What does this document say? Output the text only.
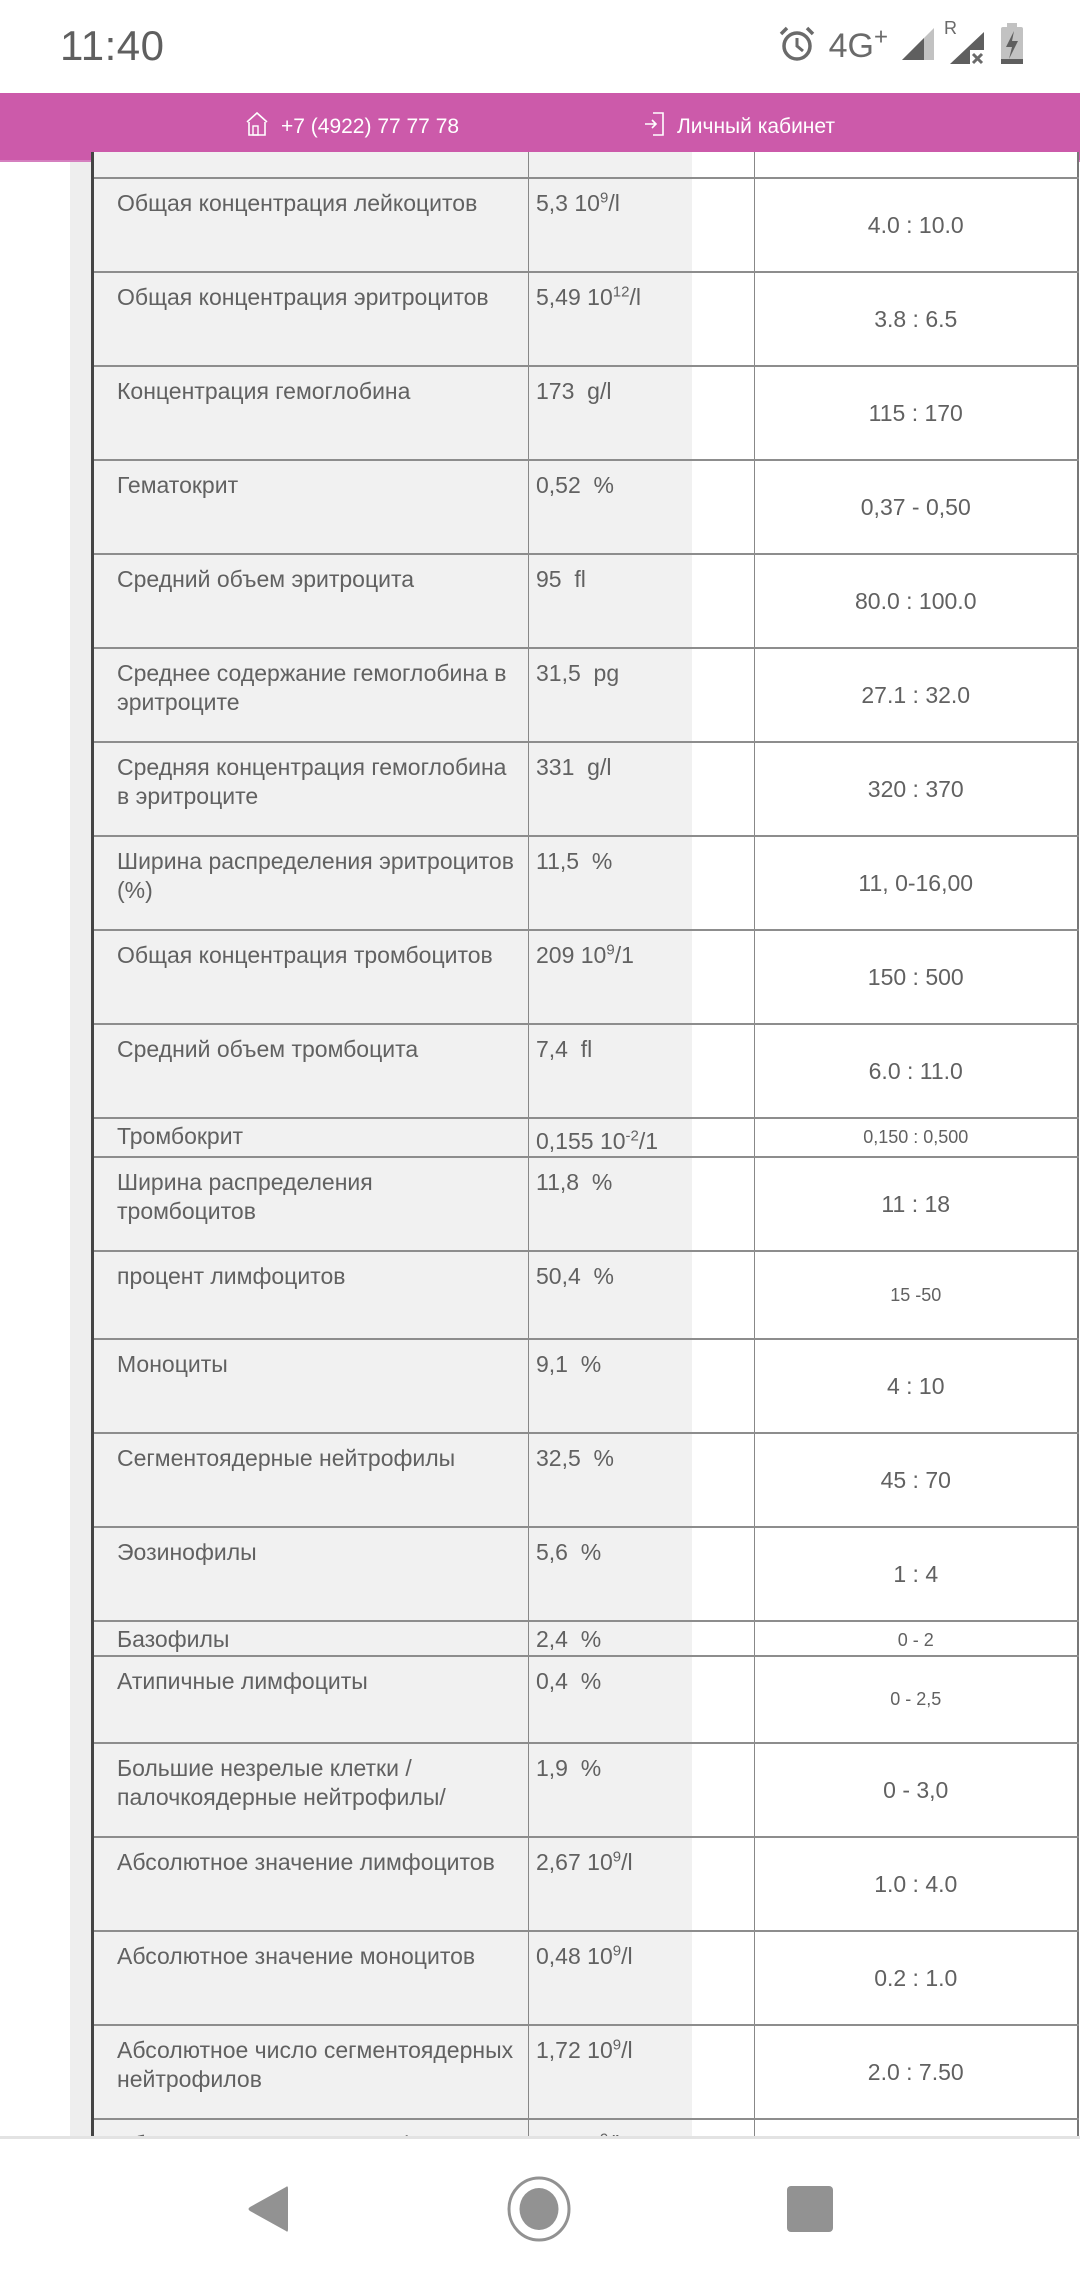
11:40	4G+	R
+7 (4922) 77 77 78	Личный кабинет

Общая концентрация лейкоцитов	5,3 $10^9/l$		4.0 : 10.0
Общая концентрация эритроцитов	5,49 $10^{12}/l$		3.8 : 6.5
Концентрация гемоглобина	173 g/l		115 : 170
Гематокрит	0,52 %		0,37 - 0,50
Средний объем эритроцита	95 fl		80.0 : 100.0
Среднее содержание гемоглобина в эритроците	31,5 pg		27.1 : 32.0
Средняя концентрация гемоглобина в эритроците	331 g/l		320 : 370
Ширина распределения эритроцитов (%)	11,5 %		11, 0-16,00
Общая концентрация тромбоцитов	209 $10^9/1$		150 : 500
Средний объем тромбоцита	7,4 fl		6.0 : 11.0
Тромбокрит	0,155 $10^{-2}/1$		0,150 : 0,500
Ширина распределения тромбоцитов	11,8 %		11 : 18
процент лимфоцитов	50,4 %		15 -50
Моноциты	9,1 %		4 : 10
Сегментоядерные нейтрофилы	32,5 %		45 : 70
Эозинофилы	5,6 %		1 : 4
Базофилы	2,4 %		0 - 2
Атипичные лимфоциты	0,4 %		0 - 2,5
Большие незрелые клетки / палочкоядерные нейтрофилы/	1,9 %		0 - 3,0
Абсолютное значение лимфоцитов	2,67 $10^9/l$		1.0 : 4.0
Абсолютное значение моноцитов	0,48 $10^9/l$		0.2 : 1.0
Абсолютное число сегментоядерных нейтрофилов	1,72 $10^9/l$		2.0 : 7.50
